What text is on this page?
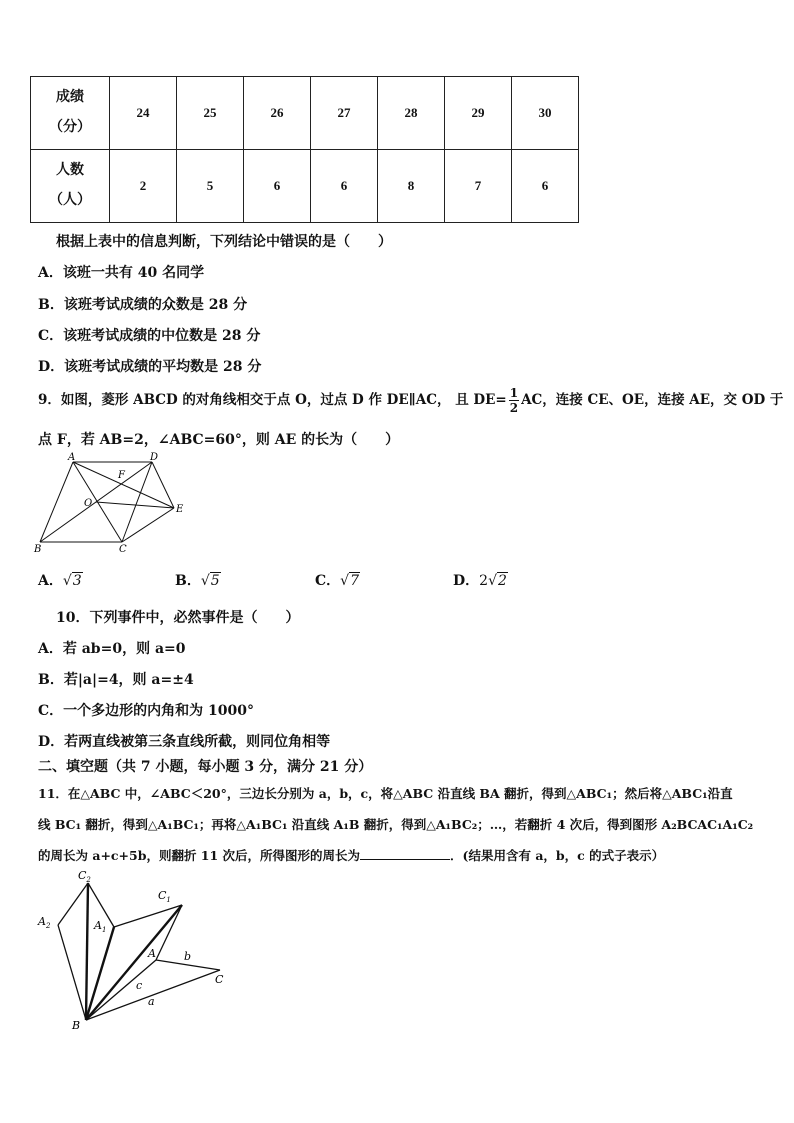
成绩
（分）	24	25	26	27	28	29	30

人数
（人）	2	5	6	6	8	7	6
根据上表中的信息判断，下列结论中错误的是（　　）
A．该班一共有 40 名同学
B．该班考试成绩的众数是 28 分
C．该班考试成绩的中位数是 28 分
D．该班考试成绩的平均数是 28 分
9．如图，菱形 ABCD 的对角线相交于点 O，过点 D 作 DE∥AC， 且 $DE= \frac{1}{2}$ AC，连接 CE、OE，连接 AE，交 OD 于
点 F，若 AB=2，∠ABC=60°，则 AE 的长为（　　）
A	D
F
O
E
B	C
A．√3	B．√5	C．√7	D．2√2
10．下列事件中，必然事件是（　　）
A．若 ab=0，则 a=0
B．若|a|=4，则 a=±4
C．一个多边形的内角和为 1000°
D．若两直线被第三条直线所截，则同位角相等
二、填空题（共 7 小题，每小题 3 分，满分 21 分）
11．在△ABC 中，∠ABC＜20°，三边长分别为 a，b，c，将△ABC 沿直线 BA 翻折，得到△ABC₁；然后将△ABC₁沿直
线 BC₁ 翻折，得到△A₁BC₁；再将△A₁BC₁ 沿直线 A₁B 翻折，得到△A₁BC₂；…，若翻折 4 次后，得到图形 A₂BCAC₁A₁C₂
的周长为 a+c+5b，则翻折 11 次后，所得图形的周长为	．(结果用含有 a，b，c 的式子表示）
$C_2$
$A_2$	$A_1$
$C_1$
A	b
C
c
a
B
